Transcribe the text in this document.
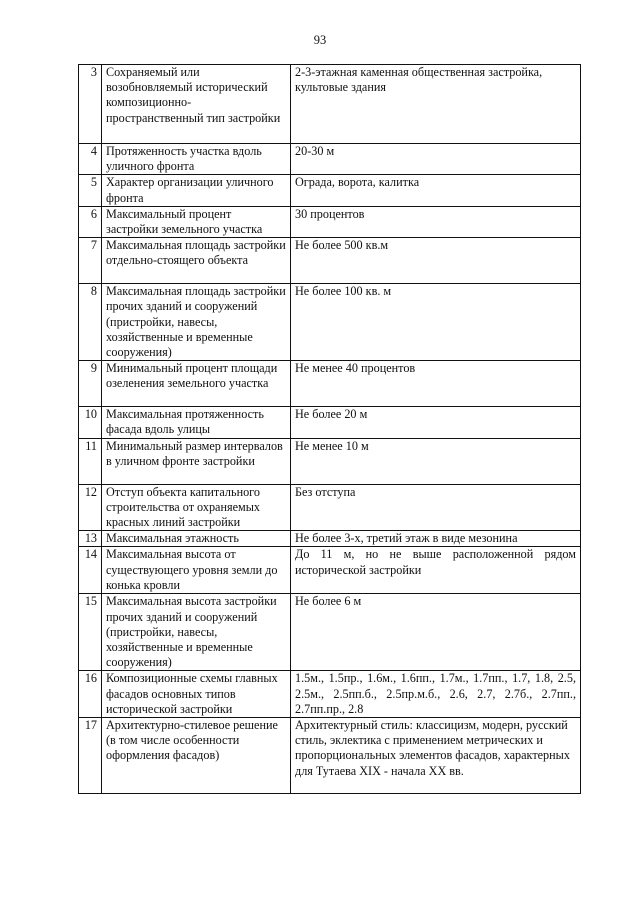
93
3	Сохраняемый или возобновляемый исторический композиционно-пространственный тип застройки	2-3-этажная каменная общественная застройка, культовые здания
4	Протяженность участка вдоль уличного фронта	20-30 м
5	Характер организации уличного фронта	Ограда, ворота, калитка
6	Максимальный процент застройки земельного участка	30 процентов
7	Максимальная площадь застройки отдельно-стоящего объекта	Не более 500 кв.м
8	Максимальная площадь застройки прочих зданий и сооружений (пристройки, навесы, хозяйственные и временные сооружения)	Не более 100 кв. м
9	Минимальный процент площади озеленения земельного участка	Не менее 40 процентов
10	Максимальная протяженность фасада вдоль улицы	Не более 20 м
11	Минимальный размер интервалов в уличном фронте застройки	Не менее 10 м
12	Отступ объекта капитального строительства от охраняемых красных линий застройки	Без отступа
13	Максимальная этажность	Не более 3-х, третий этаж в виде мезонина
14	Максимальная высота от существующего уровня земли до конька кровли	До 11 м, но не выше расположенной рядом исторической застройки
15	Максимальная высота застройки прочих зданий и сооружений (пристройки, навесы, хозяйственные и временные сооружения)	Не более 6 м
16	Композиционные схемы главных фасадов основных типов исторической застройки	1.5м., 1.5пр., 1.6м., 1.6пп., 1.7м., 1.7пп., 1.7, 1.8, 2.5, 2.5м., 2.5пп.б., 2.5пр.м.б., 2.6, 2.7, 2.7б., 2.7пп., 2.7пп.пр., 2.8
17	Архитектурно-стилевое решение (в том числе особенности оформления фасадов)	Архитектурный стиль: классицизм, модерн, русский стиль, эклектика с применением метрических и пропорциональных элементов фасадов, характерных для Тутаева XIX - начала XX вв.
